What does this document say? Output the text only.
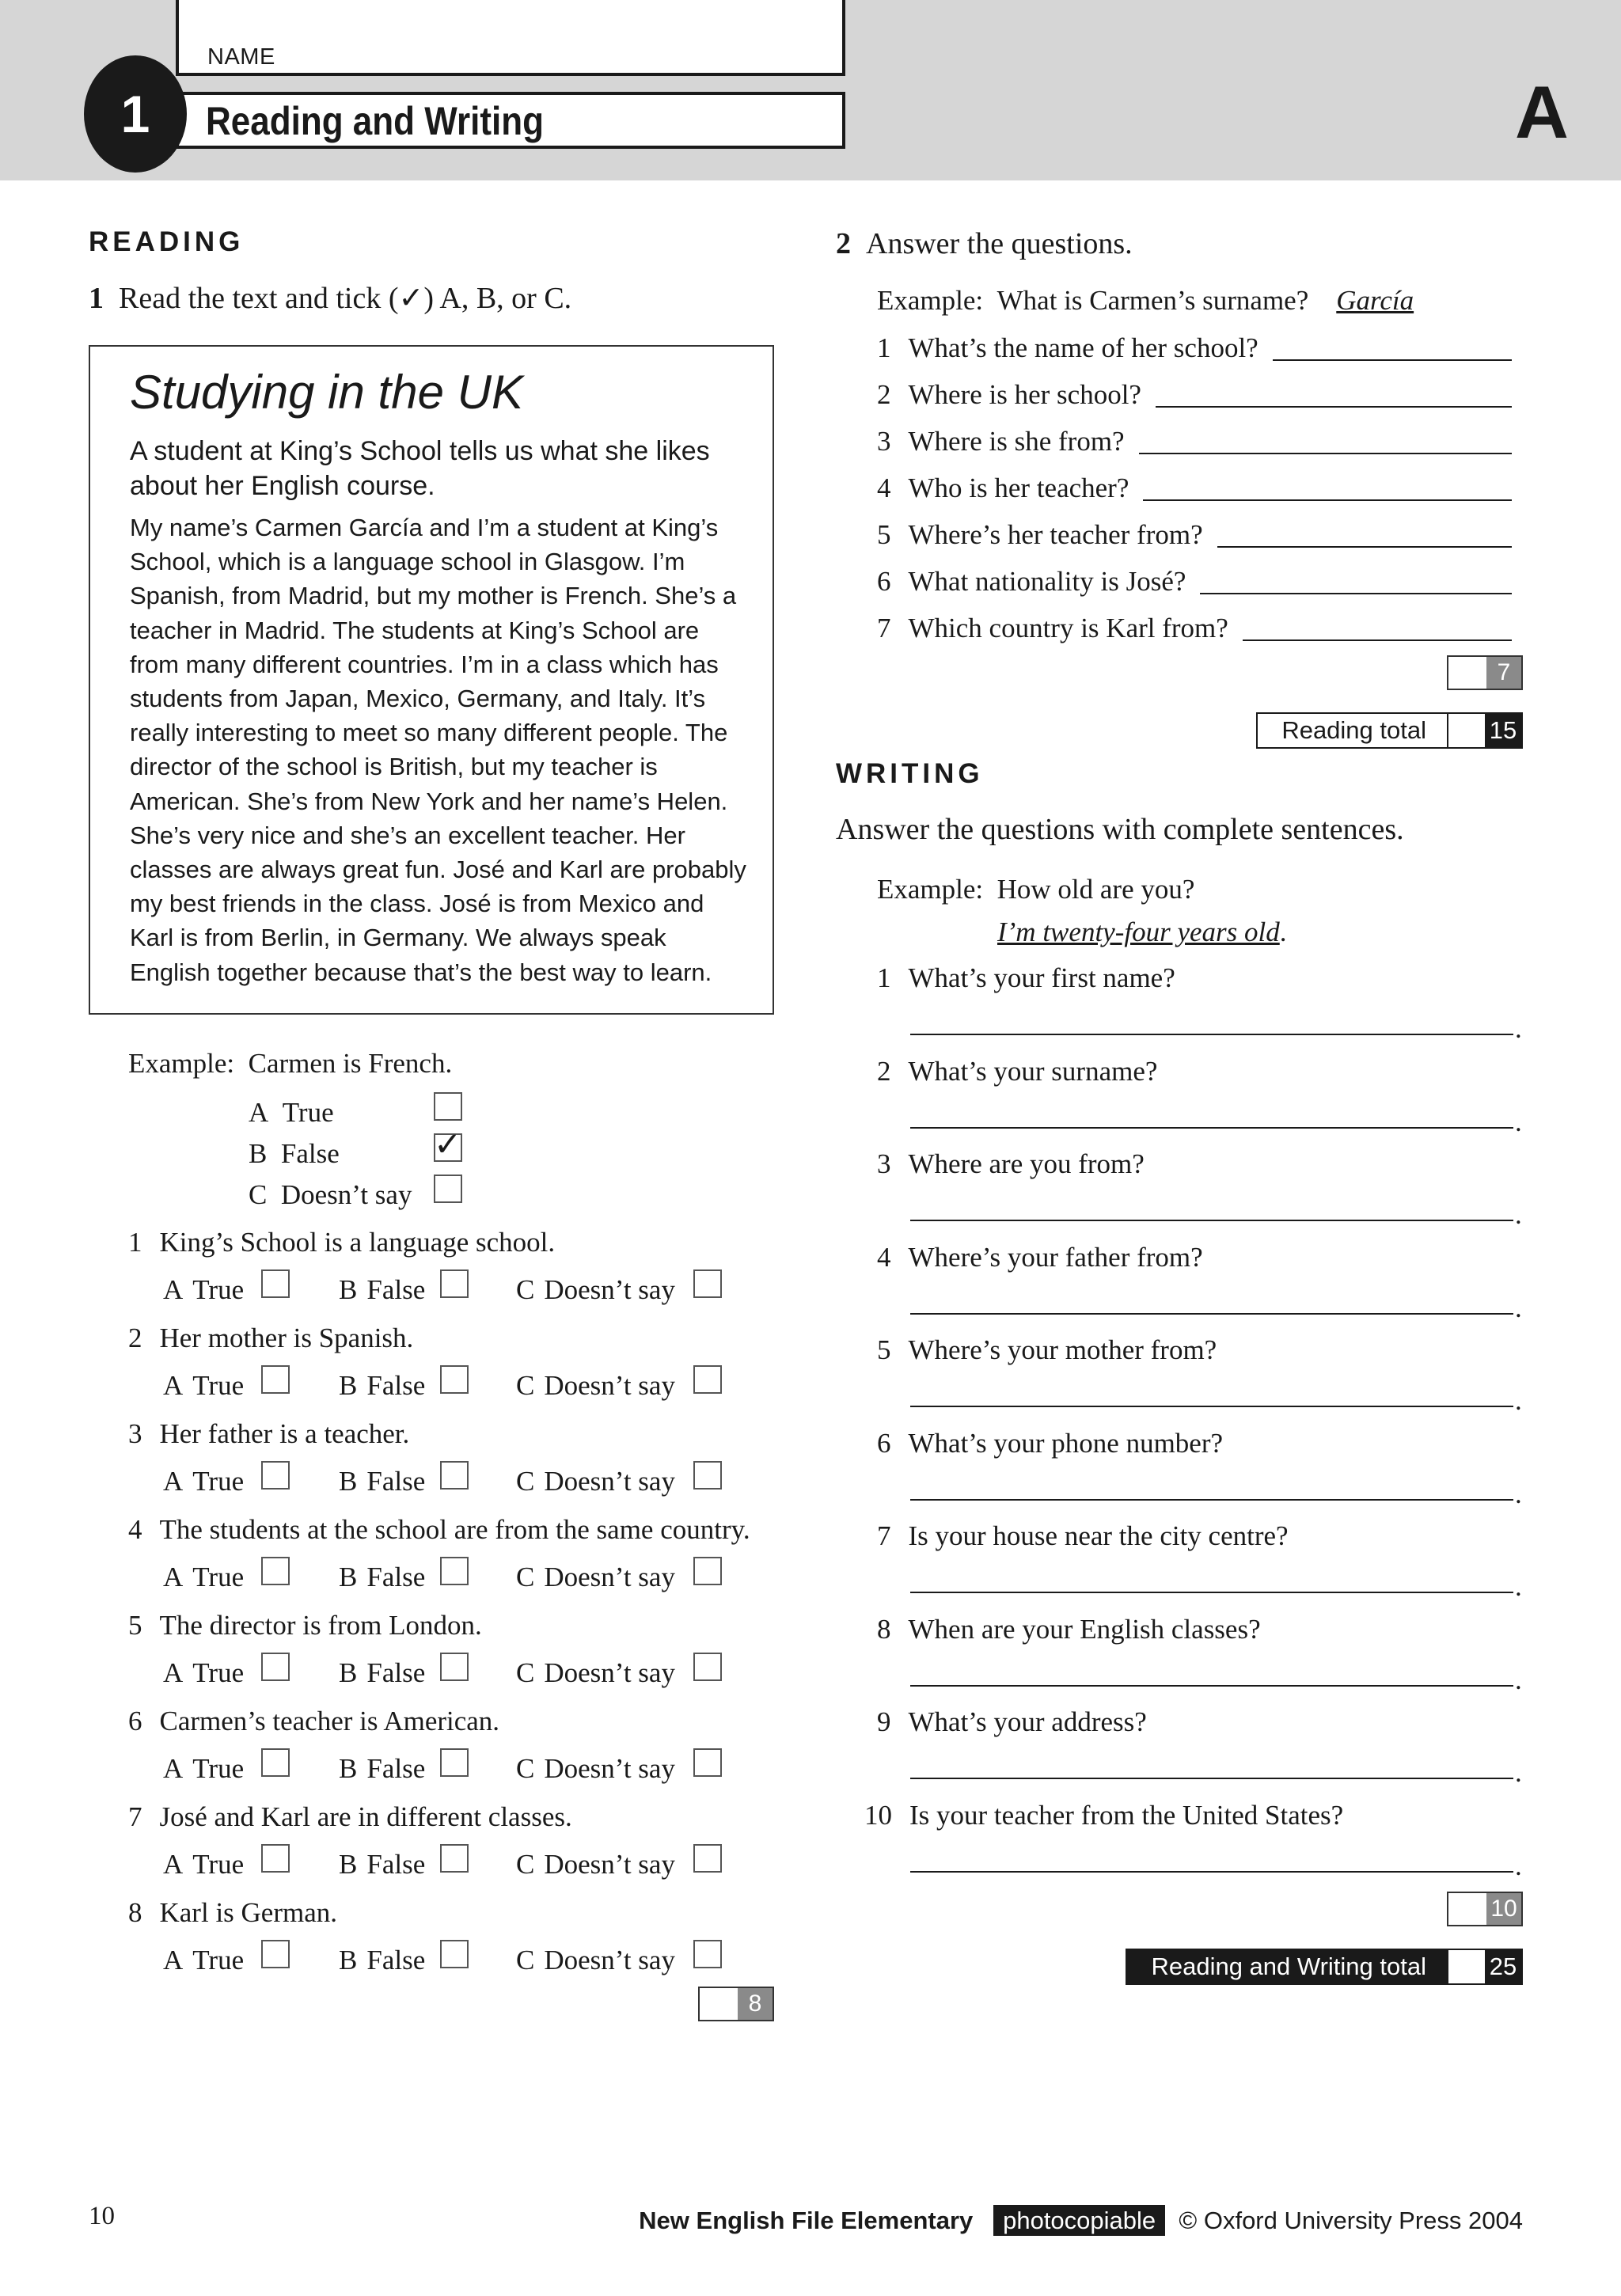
NAME
Reading and Writing
1	A
READING
1 Read the text and tick (✓) A, B, or C.
Studying in the UK
A student at King’s School tells us what she likes
about her English course.

My name’s Carmen García and I’m a student at King’s

School, which is a language school in Glasgow. I’m

Spanish, from Madrid, but my mother is French. She’s a

teacher in Madrid. The students at King’s School are

from many different countries. I’m in a class which has

students from Japan, Mexico, Germany, and Italy. It’s

really interesting to meet so many different people. The

director of the school is British, but my teacher is

American. She’s from New York and her name’s Helen.

She’s very nice and she’s an excellent teacher. Her

classes are always great fun. José and Karl are probably

my best friends in the class. José is from Mexico and

Karl is from Berlin, in Germany. We always speak

English together because that’s the best way to learn.

Example: Carmen is French.
A True
B False	✓
C Doesn’t say
1 King’s School is a language school.
A True	B False	C Doesn’t say
2 Her mother is Spanish.
A True	B False	C Doesn’t say
3 Her father is a teacher.
A True	B False	C Doesn’t say
4 The students at the school are from the same country.
A True	B False	C Doesn’t say
5 The director is from London.
A True	B False	C Doesn’t say
6 Carmen’s teacher is American.
A True	B False	C Doesn’t say
7 José and Karl are in different classes.
A True	B False	C Doesn’t say
8 Karl is German.
A True	B False	C Doesn’t say
8
2 Answer the questions.
Example: What is Carmen’s surname? García
1 What’s the name of her school?
2 Where is her school?
3 Where is she from?
4 Who is her teacher?
5 Where’s her teacher from?
6 What nationality is José?
7 Which country is Karl from?
7
Reading total	15
WRITING
Answer the questions with complete sentences.
Example: How old are you?
I’m twenty-four years old.
1 What’s your first name?
.
2 What’s your surname?
.
3 Where are you from?
.
4 Where’s your father from?
.
5 Where’s your mother from?
.
6 What’s your phone number?
.
7 Is your house near the city centre?
.
8 When are your English classes?
.
9 What’s your address?
.
10 Is your teacher from the United States?
.
10
Reading and Writing total	25
10	New English File Elementary photocopiable © Oxford University Press 2004
